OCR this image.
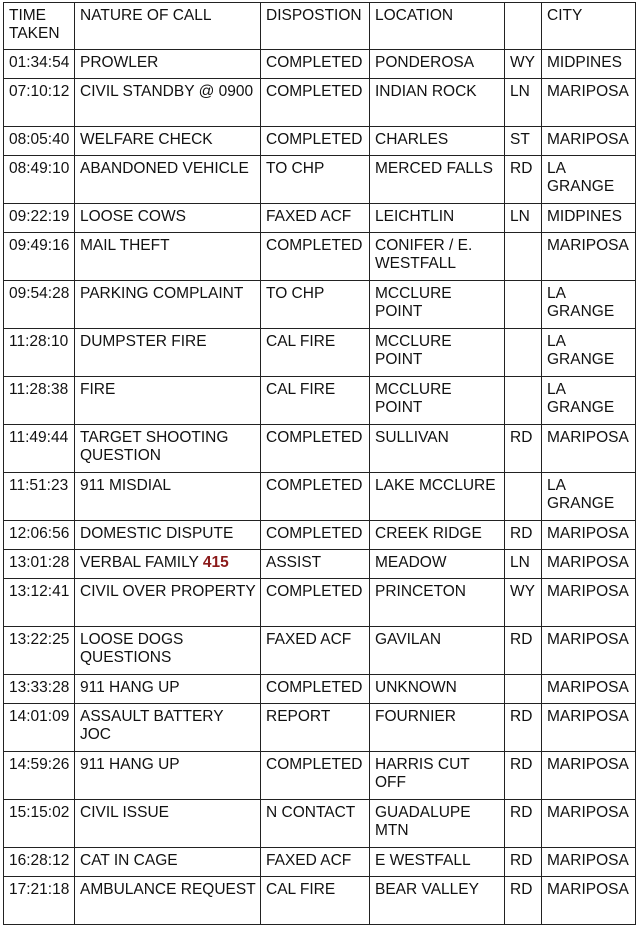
TIME TAKEN	NATURE OF CALL	DISPOSTION	LOCATION		CITY
01:34:54	PROWLER	COMPLETED	PONDEROSA	WY	MIDPINES
07:10:12	CIVIL STANDBY @ 0900	COMPLETED	INDIAN ROCK	LN	MARIPOSA
08:05:40	WELFARE CHECK	COMPLETED	CHARLES	ST	MARIPOSA
08:49:10	ABANDONED VEHICLE	TO CHP	MERCED FALLS	RD	LA GRANGE
09:22:19	LOOSE COWS	FAXED ACF	LEICHTLIN	LN	MIDPINES
09:49:16	MAIL THEFT	COMPLETED	CONIFER / E. WESTFALL		MARIPOSA
09:54:28	PARKING COMPLAINT	TO CHP	MCCLURE POINT		LA GRANGE
11:28:10	DUMPSTER FIRE	CAL FIRE	MCCLURE POINT		LA GRANGE
11:28:38	FIRE	CAL FIRE	MCCLURE POINT		LA GRANGE
11:49:44	TARGET SHOOTING QUESTION	COMPLETED	SULLIVAN	RD	MARIPOSA
11:51:23	911 MISDIAL	COMPLETED	LAKE MCCLURE		LA GRANGE
12:06:56	DOMESTIC DISPUTE	COMPLETED	CREEK RIDGE	RD	MARIPOSA
13:01:28	VERBAL FAMILY 415	ASSIST	MEADOW	LN	MARIPOSA
13:12:41	CIVIL OVER PROPERTY	COMPLETED	PRINCETON	WY	MARIPOSA
13:22:25	LOOSE DOGS QUESTIONS	FAXED ACF	GAVILAN	RD	MARIPOSA
13:33:28	911 HANG UP	COMPLETED	UNKNOWN		MARIPOSA
14:01:09	ASSAULT BATTERY JOC	REPORT	FOURNIER	RD	MARIPOSA
14:59:26	911 HANG UP	COMPLETED	HARRIS CUT OFF	RD	MARIPOSA
15:15:02	CIVIL ISSUE	N CONTACT	GUADALUPE MTN	RD	MARIPOSA
16:28:12	CAT IN CAGE	FAXED ACF	E WESTFALL	RD	MARIPOSA
17:21:18	AMBULANCE REQUEST	CAL FIRE	BEAR VALLEY	RD	MARIPOSA
